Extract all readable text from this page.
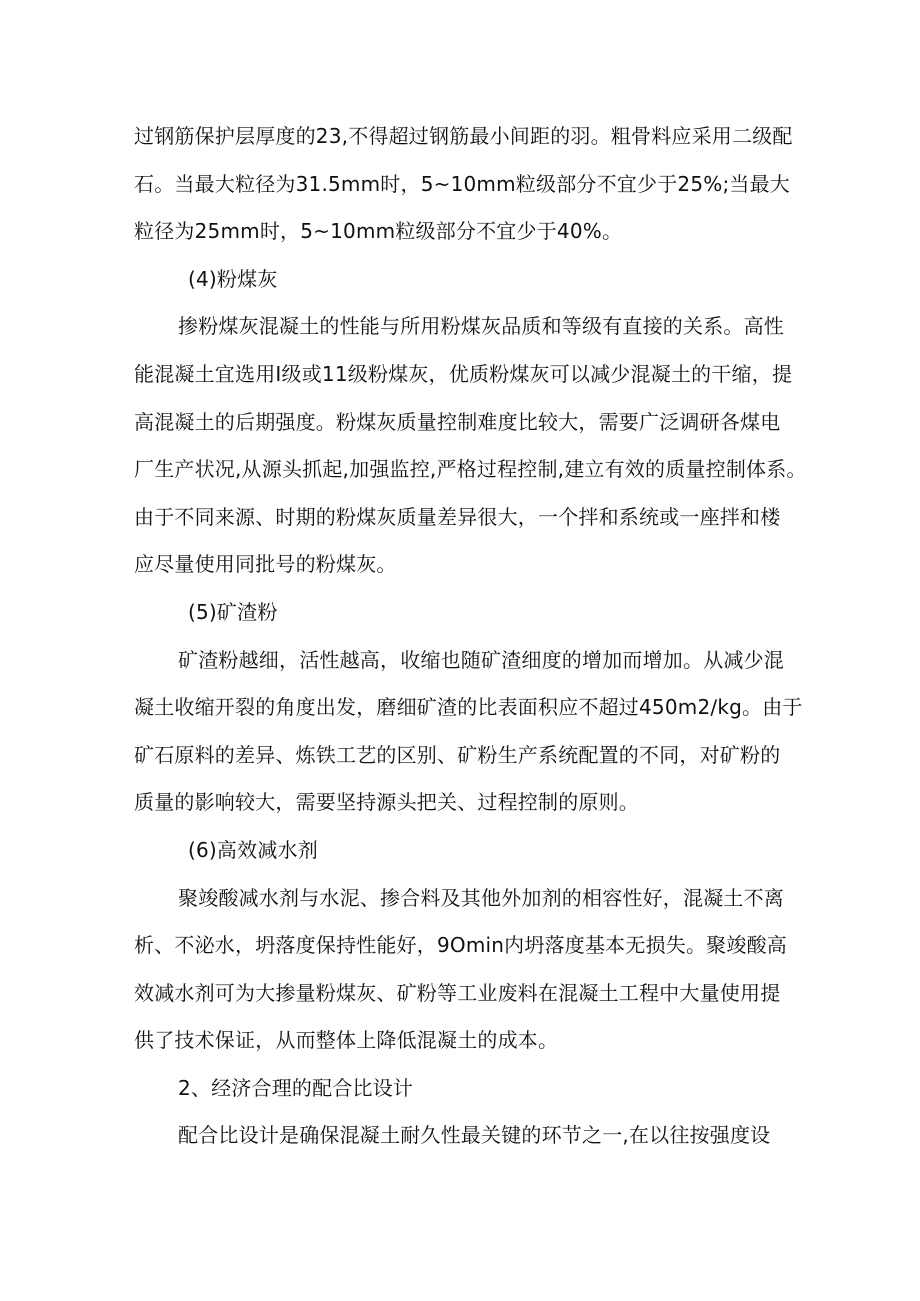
过钢筋保护层厚度的23,不得超过钢筋最小间距的羽。粗骨料应采用二级配

石。当最大粒径为31.5mm时，5~10mm粒级部分不宜少于25%;当最大

粒径为25mm时，5~10mm粒级部分不宜少于40%。

(4)粉煤灰

掺粉煤灰混凝土的性能与所用粉煤灰品质和等级有直接的关系。高性

能混凝土宜选用I级或11级粉煤灰，优质粉煤灰可以减少混凝土的干缩，提

高混凝土的后期强度。粉煤灰质量控制难度比较大，需要广泛调研各煤电

厂生产状况,从源头抓起,加强监控,严格过程控制,建立有效的质量控制体系。

由于不同来源、时期的粉煤灰质量差异很大，一个拌和系统或一座拌和楼

应尽量使用同批号的粉煤灰。

(5)矿渣粉

矿渣粉越细，活性越高，收缩也随矿渣细度的增加而增加。从减少混

凝土收缩开裂的角度出发，磨细矿渣的比表面积应不超过450m2∕kg。由于

矿石原料的差异、炼铁工艺的区别、矿粉生产系统配置的不同，对矿粉的

质量的影响较大，需要坚持源头把关、过程控制的原则。

(6)高效减水剂

聚竣酸减水剂与水泥、掺合料及其他外加剂的相容性好，混凝土不离

析、不泌水，坍落度保持性能好，9Omin内坍落度基本无损失。聚竣酸高

效减水剂可为大掺量粉煤灰、矿粉等工业废料在混凝土工程中大量使用提

供了技术保证，从而整体上降低混凝土的成本。

2、经济合理的配合比设计

配合比设计是确保混凝土耐久性最关键的环节之一,在以往按强度设
